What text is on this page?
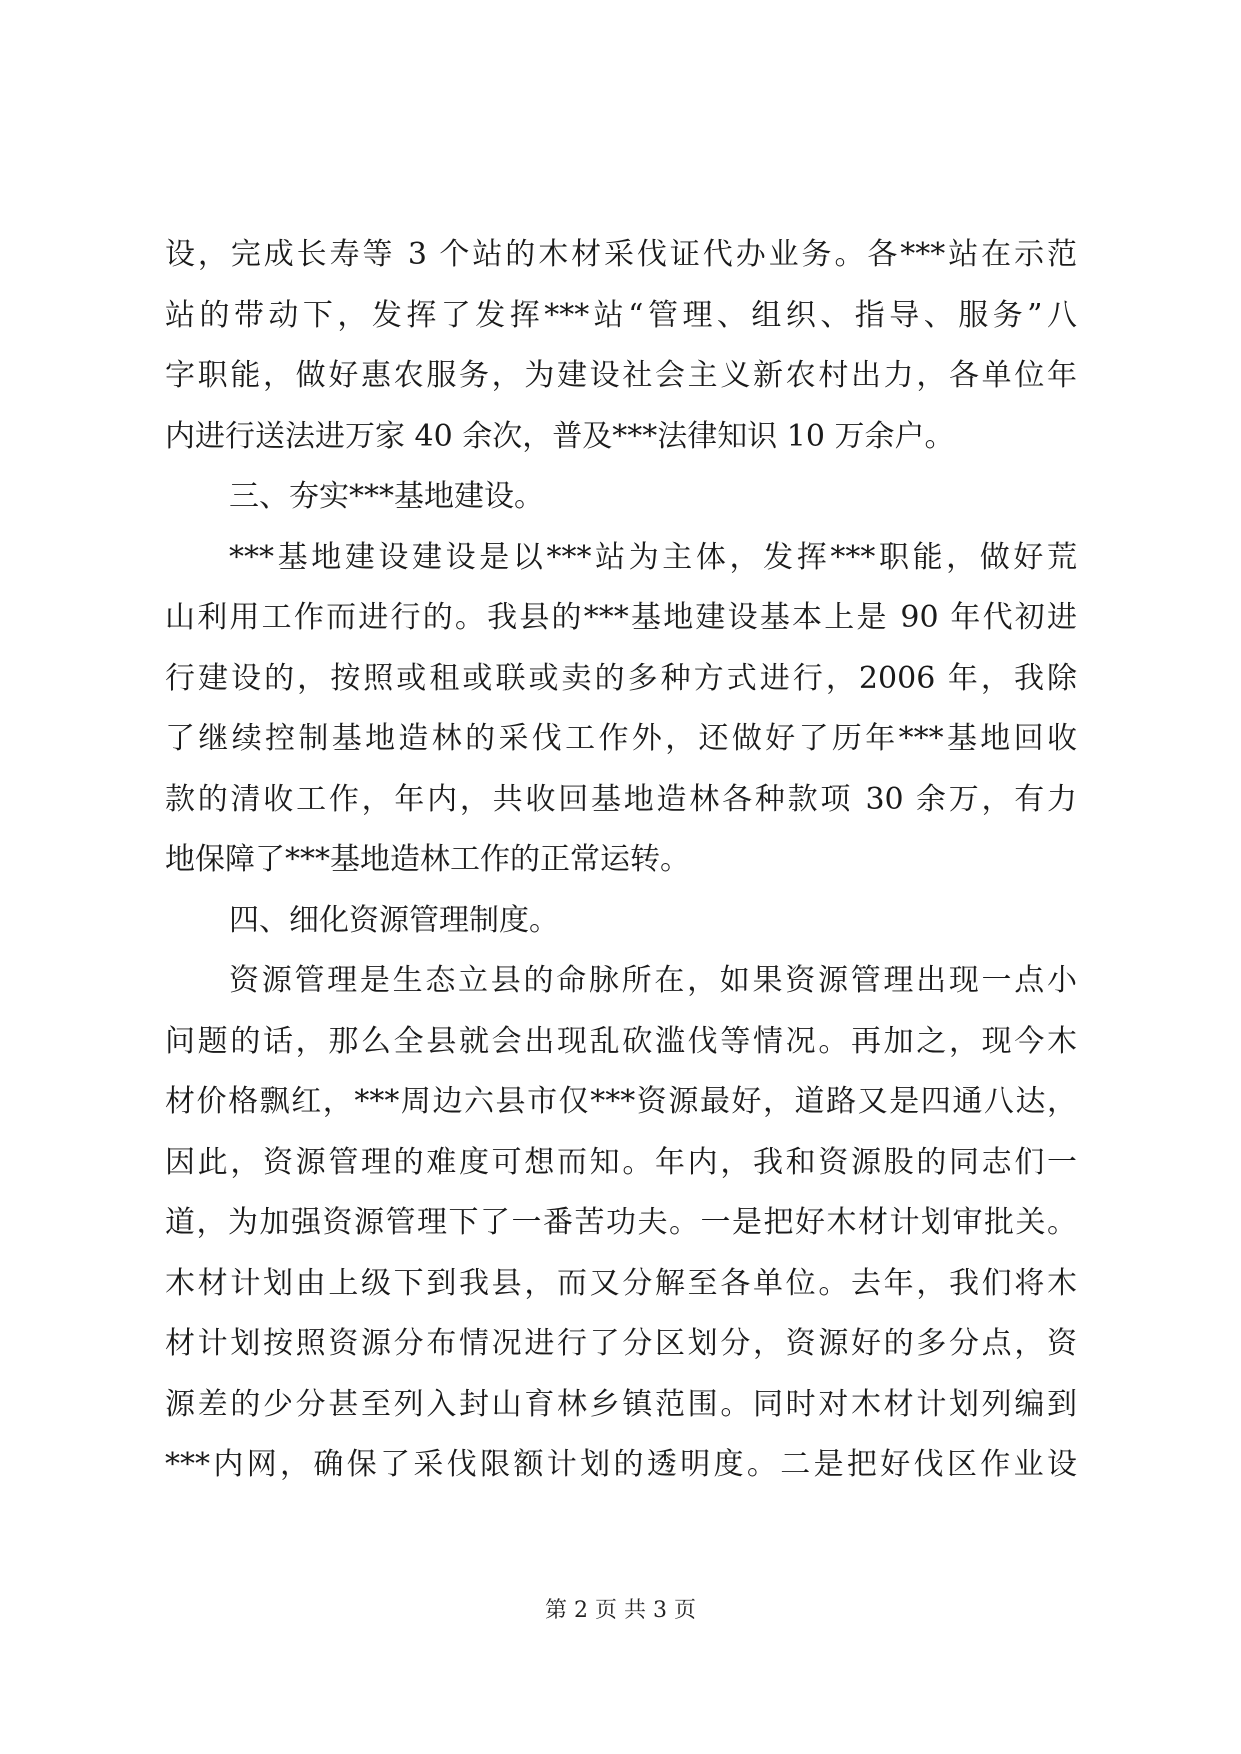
设，完成长寿等 3 个站的木材采伐证代办业务。各***站在示范
站的带动下，发挥了发挥***站“管理、组织、指导、服务”八
字职能，做好惠农服务，为建设社会主义新农村出力，各单位年
内进行送法进万家 40 余次，普及***法律知识 10 万余户。
三、夯实***基地建设。
***基地建设建设是以***站为主体，发挥***职能，做好荒
山利用工作而进行的。我县的***基地建设基本上是 90 年代初进
行建设的，按照或租或联或卖的多种方式进行，2006 年，我除
了继续控制基地造林的采伐工作外，还做好了历年***基地回收
款的清收工作，年内，共收回基地造林各种款项 30 余万，有力
地保障了***基地造林工作的正常运转。
四、细化资源管理制度。
资源管理是生态立县的命脉所在，如果资源管理出现一点小
问题的话，那么全县就会出现乱砍滥伐等情况。再加之，现今木
材价格飘红，***周边六县市仅***资源最好，道路又是四通八达，
因此，资源管理的难度可想而知。年内，我和资源股的同志们一
道，为加强资源管理下了一番苦功夫。一是把好木材计划审批关。
木材计划由上级下到我县，而又分解至各单位。去年，我们将木
材计划按照资源分布情况进行了分区划分，资源好的多分点，资
源差的少分甚至列入封山育林乡镇范围。同时对木材计划列编到
***内网，确保了采伐限额计划的透明度。二是把好伐区作业设
第 2 页 共 3 页
